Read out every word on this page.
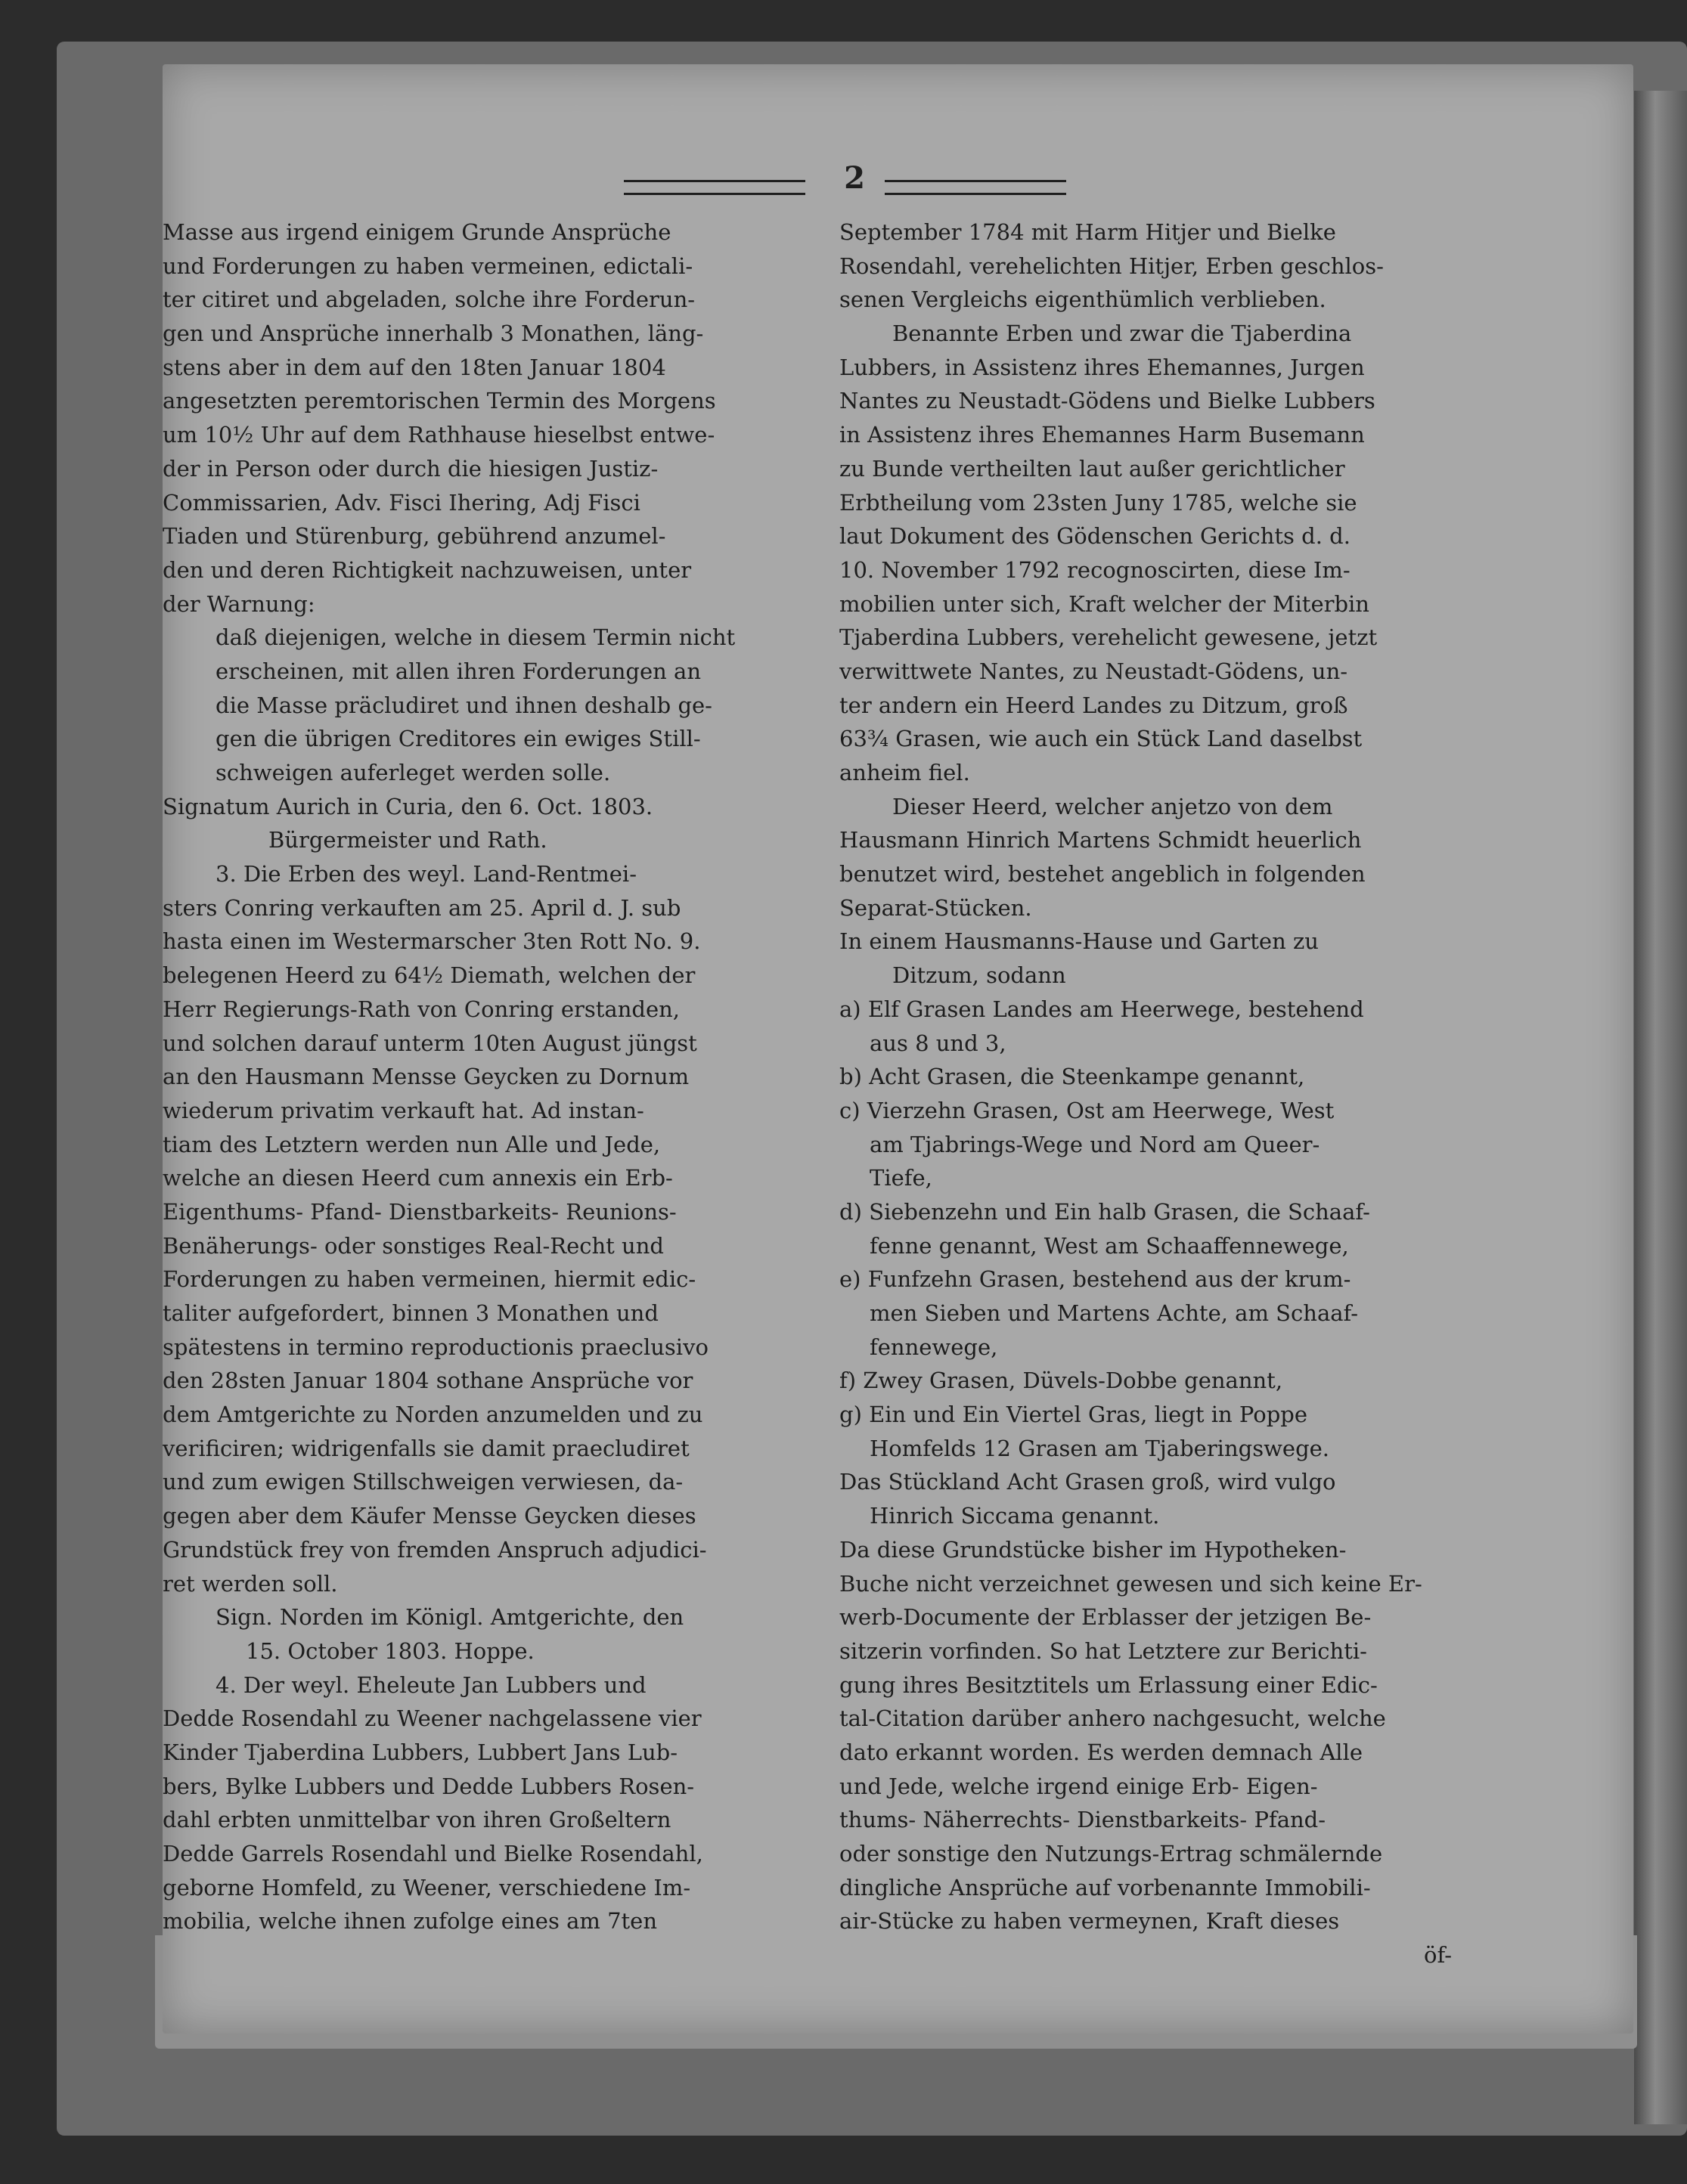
2
Masse aus irgend einigem Grunde Ansprüche
und Forderungen zu haben vermeinen, edictali-
ter citiret und abgeladen, solche ihre Forderun-
gen und Ansprüche innerhalb 3 Monathen, läng-
stens aber in dem auf den 18ten Januar 1804
angesetzten peremtorischen Termin des Morgens
um 10½ Uhr auf dem Rathhause hieselbst entwe-
der in Person oder durch die hiesigen Justiz-
Commissarien, Adv. Fisci Ihering, Adj Fisci
Tiaden und Stürenburg, gebührend anzumel-
den und deren Richtigkeit nachzuweisen, unter
der Warnung:
daß diejenigen, welche in diesem Termin nicht
erscheinen, mit allen ihren Forderungen an
die Masse präcludiret und ihnen deshalb ge-
gen die übrigen Creditores ein ewiges Still-
schweigen auferleget werden solle.
Signatum Aurich in Curia, den 6. Oct. 1803.
Bürgermeister und Rath.
3. Die Erben des weyl. Land-Rentmei-
sters Conring verkauften am 25. April d. J. sub
hasta einen im Westermarscher 3ten Rott No. 9.
belegenen Heerd zu 64½ Diemath, welchen der
Herr Regierungs-Rath von Conring erstanden,
und solchen darauf unterm 10ten August jüngst
an den Hausmann Mensse Geycken zu Dornum
wiederum privatim verkauft hat. Ad instan-
tiam des Letztern werden nun Alle und Jede,
welche an diesen Heerd cum annexis ein Erb-
Eigenthums- Pfand- Dienstbarkeits- Reunions-
Benäherungs- oder sonstiges Real-Recht und
Forderungen zu haben vermeinen, hiermit edic-
taliter aufgefordert, binnen 3 Monathen und
spätestens in termino reproductionis praeclusivo
den 28sten Januar 1804 sothane Ansprüche vor
dem Amtgerichte zu Norden anzumelden und zu
verificiren; widrigenfalls sie damit praecludiret
und zum ewigen Stillschweigen verwiesen, da-
gegen aber dem Käufer Mensse Geycken dieses
Grundstück frey von fremden Anspruch adjudici-
ret werden soll.
Sign. Norden im Königl. Amtgerichte, den
15. October 1803. Hoppe.
4. Der weyl. Eheleute Jan Lubbers und
Dedde Rosendahl zu Weener nachgelassene vier
Kinder Tjaberdina Lubbers, Lubbert Jans Lub-
bers, Bylke Lubbers und Dedde Lubbers Rosen-
dahl erbten unmittelbar von ihren Großeltern
Dedde Garrels Rosendahl und Bielke Rosendahl,
geborne Homfeld, zu Weener, verschiedene Im-
mobilia, welche ihnen zufolge eines am 7ten
September 1784 mit Harm Hitjer und Bielke
Rosendahl, verehelichten Hitjer, Erben geschlos-
senen Vergleichs eigenthümlich verblieben.
Benannte Erben und zwar die Tjaberdina
Lubbers, in Assistenz ihres Ehemannes, Jurgen
Nantes zu Neustadt-Gödens und Bielke Lubbers
in Assistenz ihres Ehemannes Harm Busemann
zu Bunde vertheilten laut außer gerichtlicher
Erbtheilung vom 23sten Juny 1785, welche sie
laut Dokument des Gödenschen Gerichts d. d.
10. November 1792 recognoscirten, diese Im-
mobilien unter sich, Kraft welcher der Miterbin
Tjaberdina Lubbers, verehelicht gewesene, jetzt
verwittwete Nantes, zu Neustadt-Gödens, un-
ter andern ein Heerd Landes zu Ditzum, groß
63¾ Grasen, wie auch ein Stück Land daselbst
anheim fiel.
Dieser Heerd, welcher anjetzo von dem
Hausmann Hinrich Martens Schmidt heuerlich
benutzet wird, bestehet angeblich in folgenden
Separat-Stücken.
In einem Hausmanns-Hause und Garten zu
Ditzum, sodann
a) Elf Grasen Landes am Heerwege, bestehend
aus 8 und 3,
b) Acht Grasen, die Steenkampe genannt,
c) Vierzehn Grasen, Ost am Heerwege, West
am Tjabrings-Wege und Nord am Queer-
Tiefe,
d) Siebenzehn und Ein halb Grasen, die Schaaf-
fenne genannt, West am Schaaffennewege,
e) Funfzehn Grasen, bestehend aus der krum-
men Sieben und Martens Achte, am Schaaf-
fennewege,
f) Zwey Grasen, Düvels-Dobbe genannt,
g) Ein und Ein Viertel Gras, liegt in Poppe
Homfelds 12 Grasen am Tjaberingswege.
Das Stückland Acht Grasen groß, wird vulgo
Hinrich Siccama genannt.
Da diese Grundstücke bisher im Hypotheken-
Buche nicht verzeichnet gewesen und sich keine Er-
werb-Documente der Erblasser der jetzigen Be-
sitzerin vorfinden. So hat Letztere zur Berichti-
gung ihres Besitztitels um Erlassung einer Edic-
tal-Citation darüber anhero nachgesucht, welche
dato erkannt worden. Es werden demnach Alle
und Jede, welche irgend einige Erb- Eigen-
thums- Näherrechts- Dienstbarkeits- Pfand-
oder sonstige den Nutzungs-Ertrag schmälernde
dingliche Ansprüche auf vorbenannte Immobili-
air-Stücke zu haben vermeynen, Kraft dieses
öf-
